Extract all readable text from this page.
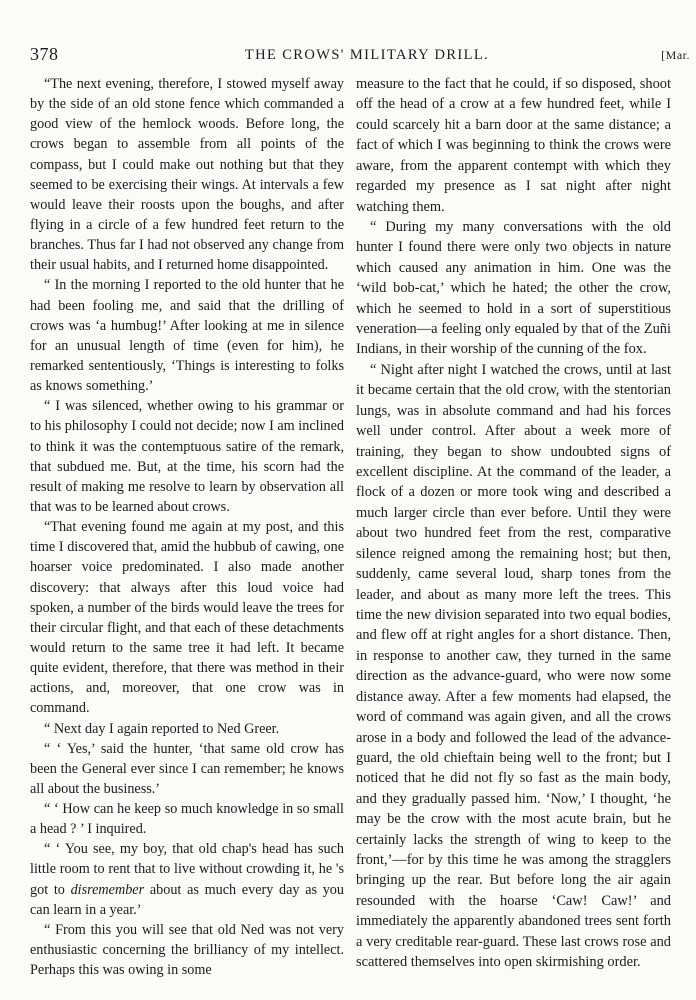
378	THE CROWS' MILITARY DRILL.	[Mar.

“The next evening, therefore, I stowed myself away by the side of an old stone fence which commanded a good view of the hemlock woods. Before long, the crows began to assemble from all points of the compass, but I could make out nothing but that they seemed to be exercising their wings. At intervals a few would leave their roosts upon the boughs, and after flying in a circle of a few hundred feet return to the branches. Thus far I had not observed any change from their usual habits, and I returned home disappointed.

“ In the morning I reported to the old hunter that he had been fooling me, and said that the drilling of crows was ‘a humbug!’ After looking at me in silence for an unusual length of time (even for him), he remarked sententiously, ‘Things is interesting to folks as knows something.’

“ I was silenced, whether owing to his grammar or to his philosophy I could not decide; now I am inclined to think it was the contemptuous satire of the remark, that subdued me. But, at the time, his scorn had the result of making me resolve to learn by observation all that was to be learned about crows.

“That evening found me again at my post, and this time I discovered that, amid the hubbub of cawing, one hoarser voice predominated. I also made another discovery: that always after this loud voice had spoken, a number of the birds would leave the trees for their circular flight, and that each of these detachments would return to the same tree it had left. It became quite evident, therefore, that there was method in their actions, and, moreover, that one crow was in command.

“ Next day I again reported to Ned Greer.

“ ‘ Yes,’ said the hunter, ‘that same old crow has been the General ever since I can remember; he knows all about the business.’

“ ‘ How can he keep so much knowledge in so small a head ? ’ I inquired.

“ ‘ You see, my boy, that old chap's head has such little room to rent that to live without crowding it, he 's got to disremember about as much every day as you can learn in a year.’

“ From this you will see that old Ned was not very enthusiastic concerning the brilliancy of my intellect. Perhaps this was owing in some

measure to the fact that he could, if so disposed, shoot off the head of a crow at a few hundred feet, while I could scarcely hit a barn door at the same distance; a fact of which I was beginning to think the crows were aware, from the apparent contempt with which they regarded my presence as I sat night after night watching them.

“ During my many conversations with the old hunter I found there were only two objects in nature which caused any animation in him. One was the ‘wild bob-cat,’ which he hated; the other the crow, which he seemed to hold in a sort of superstitious veneration—a feeling only equaled by that of the Zuñi Indians, in their worship of the cunning of the fox.

“ Night after night I watched the crows, until at last it became certain that the old crow, with the stentorian lungs, was in absolute command and had his forces well under control. After about a week more of training, they began to show undoubted signs of excellent discipline. At the command of the leader, a flock of a dozen or more took wing and described a much larger circle than ever before. Until they were about two hundred feet from the rest, comparative silence reigned among the remaining host; but then, suddenly, came several loud, sharp tones from the leader, and about as many more left the trees. This time the new division separated into two equal bodies, and flew off at right angles for a short distance. Then, in response to another caw, they turned in the same direction as the advance-guard, who were now some distance away. After a few moments had elapsed, the word of command was again given, and all the crows arose in a body and followed the lead of the advance-guard, the old chieftain being well to the front; but I noticed that he did not fly so fast as the main body, and they gradually passed him. ‘Now,’ I thought, ‘he may be the crow with the most acute brain, but he certainly lacks the strength of wing to keep to the front,’—for by this time he was among the stragglers bringing up the rear. But before long the air again resounded with the hoarse ‘Caw! Caw!’ and immediately the apparently abandoned trees sent forth a very creditable rear-guard. These last crows rose and scattered themselves into open skirmishing order.
